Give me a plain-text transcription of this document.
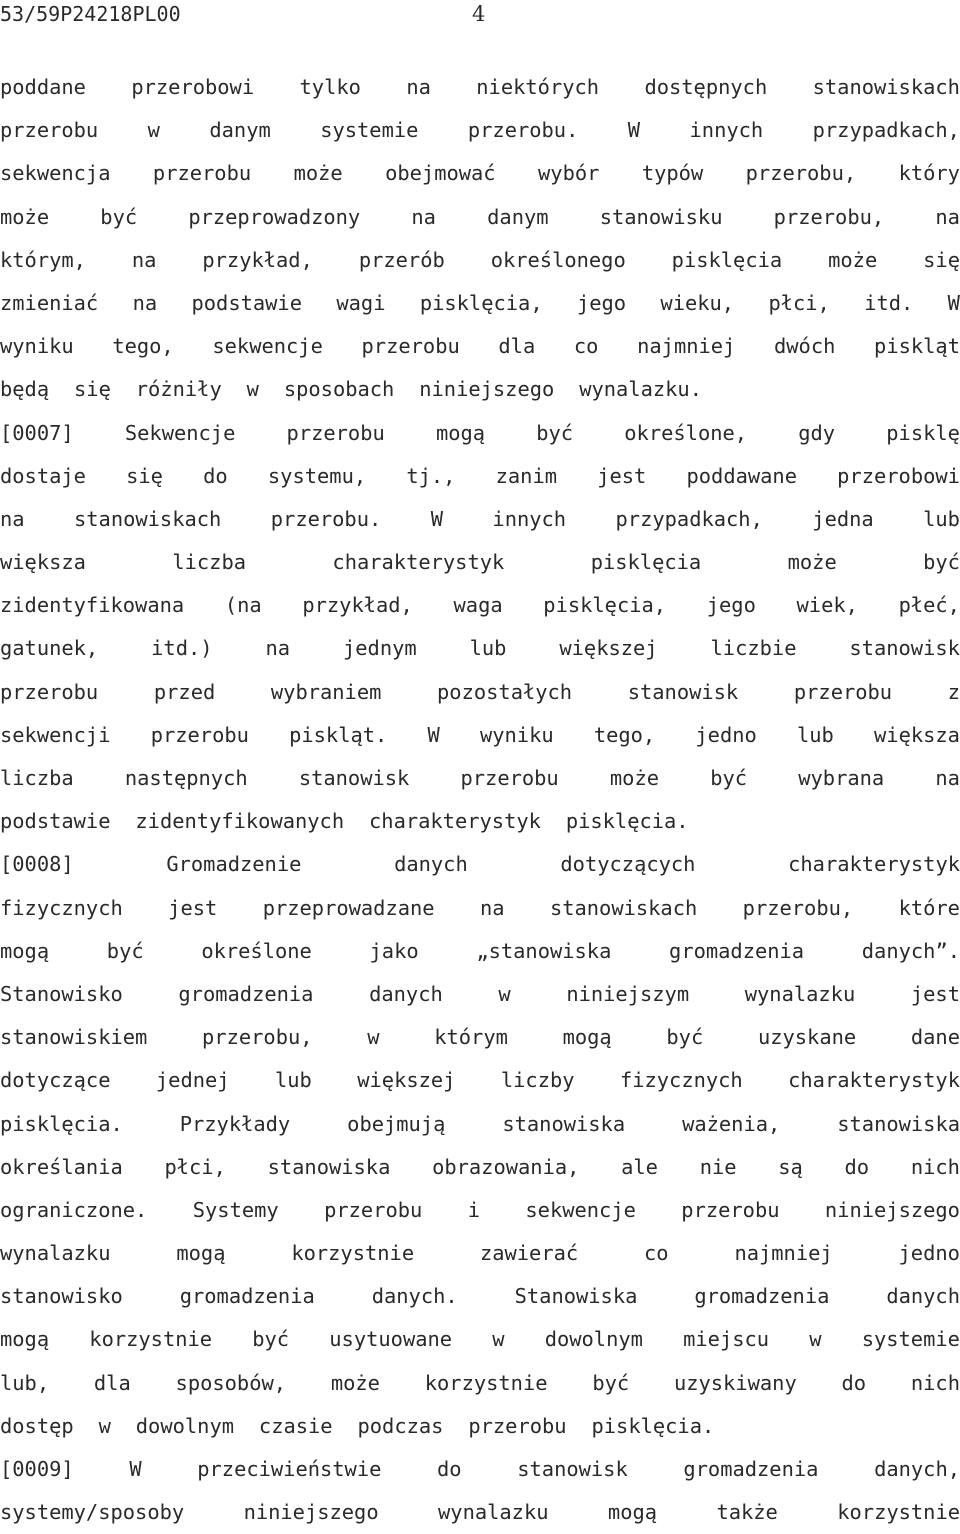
53/59P24218PL00	4
poddane przerobowi tylko na niektórych dostępnych stanowiskach
przerobu w danym systemie przerobu. W innych przypadkach,
sekwencja przerobu może obejmować wybór typów przerobu, który
może	być	przeprowadzony	na	danym	stanowisku	przerobu,	na
którym, na przykład, przerób określonego pisklęcia może się
zmieniać na podstawie wagi pisklęcia, jego wieku, płci, itd. W
wyniku tego, sekwencje przerobu dla co najmniej dwóch piskląt
będą się różniły w sposobach niniejszego wynalazku.
[0007]	Sekwencje	przerobu	mogą	być	określone,	gdy	pisklę
dostaje się do systemu, tj., zanim jest poddawane przerobowi
na stanowiskach przerobu. W innych przypadkach, jedna lub
większa	liczba	charakterystyk	pisklęcia	może	być
zidentyfikowana (na przykład, waga pisklęcia, jego wiek, płeć,
gatunek,	itd.)	na	jednym	lub	większej	liczbie	stanowisk
przerobu	przed	wybraniem	pozostałych	stanowisk	przerobu	z
sekwencji przerobu piskląt. W wyniku tego, jedno lub większa
liczba	następnych	stanowisk	przerobu	może	być	wybrana	na
podstawie zidentyfikowanych charakterystyk pisklęcia.
[0008]	Gromadzenie	danych	dotyczących	charakterystyk
fizycznych jest przeprowadzane na stanowiskach przerobu, które
mogą	być	określone	jako	„stanowiska	gromadzenia	danych”.
Stanowisko	gromadzenia	danych	w	niniejszym	wynalazku	jest
stanowiskiem	przerobu,	w	którym	mogą	być	uzyskane	dane
dotyczące jednej lub większej liczby fizycznych charakterystyk
pisklęcia.	Przykłady	obejmują	stanowiska	ważenia,	stanowiska
określania płci, stanowiska obrazowania, ale nie są do nich
ograniczone. Systemy przerobu i sekwencje przerobu niniejszego
wynalazku	mogą	korzystnie	zawierać	co	najmniej	jedno
stanowisko	gromadzenia	danych.	Stanowiska	gromadzenia	danych
mogą korzystnie być usytuowane w dowolnym miejscu w systemie
lub, dla sposobów, może korzystnie być uzyskiwany do nich
dostęp w dowolnym czasie podczas przerobu pisklęcia.
[0009]	W	przeciwieństwie	do	stanowisk	gromadzenia	danych,
systemy/sposoby	niniejszego	wynalazku	mogą	także	korzystnie
